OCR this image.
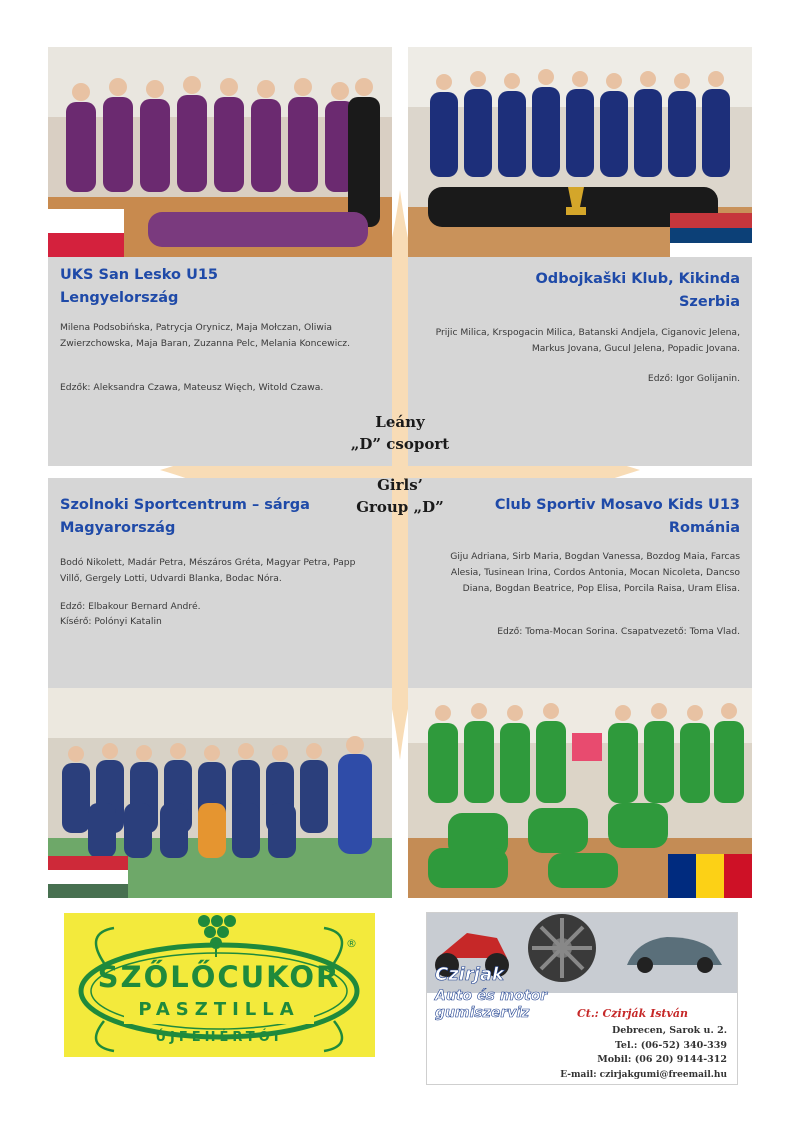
UKS San Lesko U15
Lengyelország

Milena Podsobińska, Patrycja Orynicz, Maja Mołczan, Oliwia Zwierzchowska, Maja Baran, Zuzanna Pelc, Melania Koncewicz.

Edzők: Aleksandra Czawa, Mateusz Więch, Witold Czawa.

Odbojkaški Klub, Kikinda
Szerbia

Prijic Milica, Krspogacin Milica, Batanski Andjela, Ciganovic Jelena, Markus Jovana, Gucul Jelena, Popadic Jovana.

Edző: Igor Golijanin.

Szolnoki Sportcentrum – sárga
Magyarország

Bodó Nikolett, Madár Petra, Mészáros Gréta, Magyar Petra, Papp Villő, Gergely Lotti, Udvardi Blanka, Bodac Nóra.

Edző: Elbakour Bernard André.

Kísérő: Polónyi Katalin

Club Sportiv Mosavo Kids U13
Románia

Giju Adriana, Sirb Maria, Bogdan Vanessa, Bozdog Maia, Farcas Alesia, Tusinean Irina, Cordos Antonia, Mocan Nicoleta, Dancso Diana, Bogdan Beatrice, Pop Elisa, Porcila Raisa, Uram Elisa.

Edző: Toma-Mocan Sorina. Csapatvezető: Toma Vlad.

Leány
„D” csoport
Girls’
Group „D”
SZŐLŐCUKOR
PASZTILLA
ÚJFEHÉRTÓI
®
Czirjak
Auto és motor
gumiszerviz	Ct.: Czirják István
Debrecen, Sarok u. 2.
Tel.: (06-52) 340-339
Mobil: (06 20) 9144-312
E-mail: czirjakgumi@freemail.hu
